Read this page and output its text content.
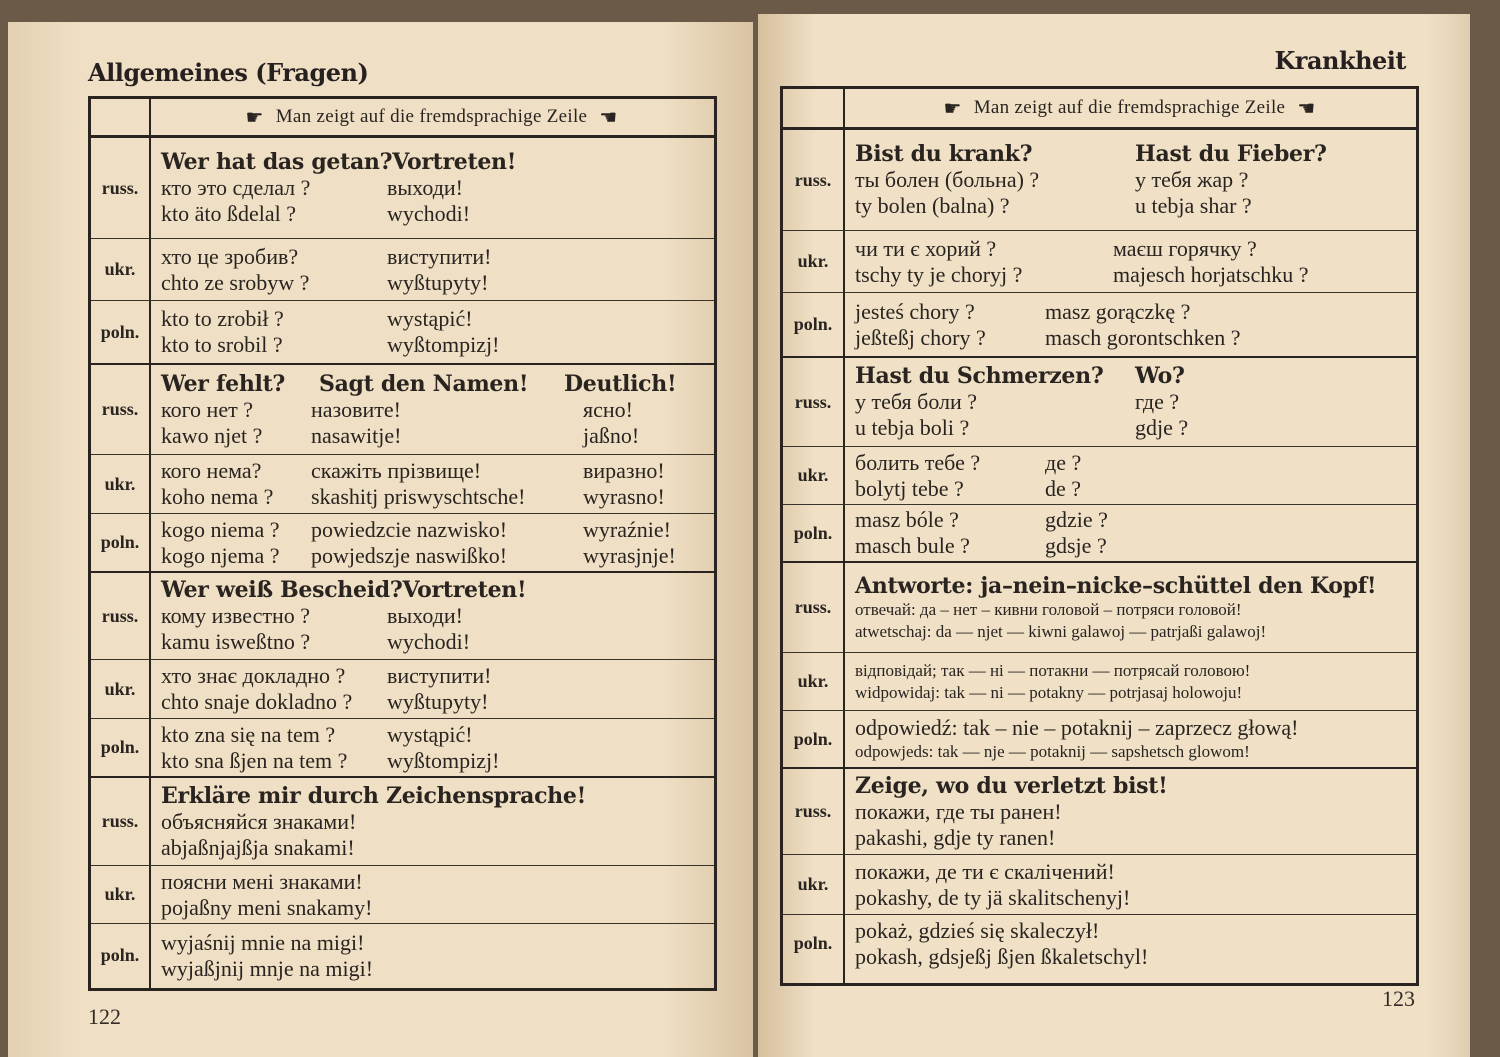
Allgemeines (Fragen)
122
☛ Man zeigt auf die fremdsprachige Zeile ☛
russ.
Wer hat das getan? Vortreten!
кто это сделал ?	выходи!
kto äto ßdelal ?	wychodi!
ukr.
хто це зробив?	виступити!
chto ze srobyw ?	wyßtupyty!
poln.
kto to zrobił ?	wystąpić!
kto to srobil ?	wyßtompizj!
russ.
Wer fehlt?	Sagt den Namen!	Deutlich!
кого нет ?	назовите!	ясно!
kawo njet ?	nasawitje!	jaßno!
ukr.
кого нема?	скажіть прізвище!	виразно!
koho nema ?	skashitj priswyschtsche!	wyrasno!
poln.
kogo niema ?	powiedzcie nazwisko!	wyraźnie!
kogo njema ?	powjedszje naswißko!	wyrasjnje!
russ.
Wer weiß Bescheid? Vortreten!
кому известно ?	выходи!
kamu isweßtno ?	wychodi!
ukr.
хто знає докладно ?	виступити!
chto snaje dokladno ?	wyßtupyty!
poln.
kto zna się na tem ?	wystąpić!
kto sna ßjen na tem ?	wyßtompizj!
russ.
Erkläre mir durch Zeichensprache!
объясняйся знаками!
abjaßnjajßja snakami!
ukr.
поясни мені знаками!
pojaßny meni snakamy!
poln.
wyjaśnij mnie na migi!
wyjaßjnij mnje na migi!
Krankheit
123
☛ Man zeigt auf die fremdsprachige Zeile ☛
russ.
Bist du krank?	Hast du Fieber?
ты болен (больна) ?	у тебя жар ?
ty bolen (balna) ?	u tebja shar ?
ukr.
чи ти є хорий ?	маєш горячку ?
tschy ty je choryj ?	majesch horjatschku ?
poln.
jesteś chory ?	masz gorączkę ?
jeßteßj chory ?	masch gorontschken ?
russ.
Hast du Schmerzen?	Wo?
у тебя боли ?	где ?
u tebja boli ?	gdje ?
ukr.
болить тебе ?	де ?
bolytj tebe ?	de ?
poln.
masz bóle ?	gdzie ?
masch bule ?	gdsje ?
russ.
Antworte: ja–nein–nicke–schüttel den Kopf!
отвечай: да – нет – кивни головой – потряси головой!
atwetschaj: da — njet — kiwni galawoj — patrjaßi galawoj!
ukr.
відповідай; так — ні — потакни — потрясай головою!
widpowidaj: tak — ni — potakny — potrjasaj holowoju!
poln.	odpowiedź: tak – nie – potaknij – zaprzecz głową!
odpowjeds: tak — nje — potaknij — sapshetsch glowom!
russ.
Zeige, wo du verletzt bist!
покажи, где ты ранен!
pakashi, gdje ty ranen!
ukr.
покажи, де ти є скалічений!
pokashy, de ty jä skalitschenyj!
poln.
pokaż, gdzieś się skaleczył!
pokash, gdsjeßj ßjen ßkaletschyl!
